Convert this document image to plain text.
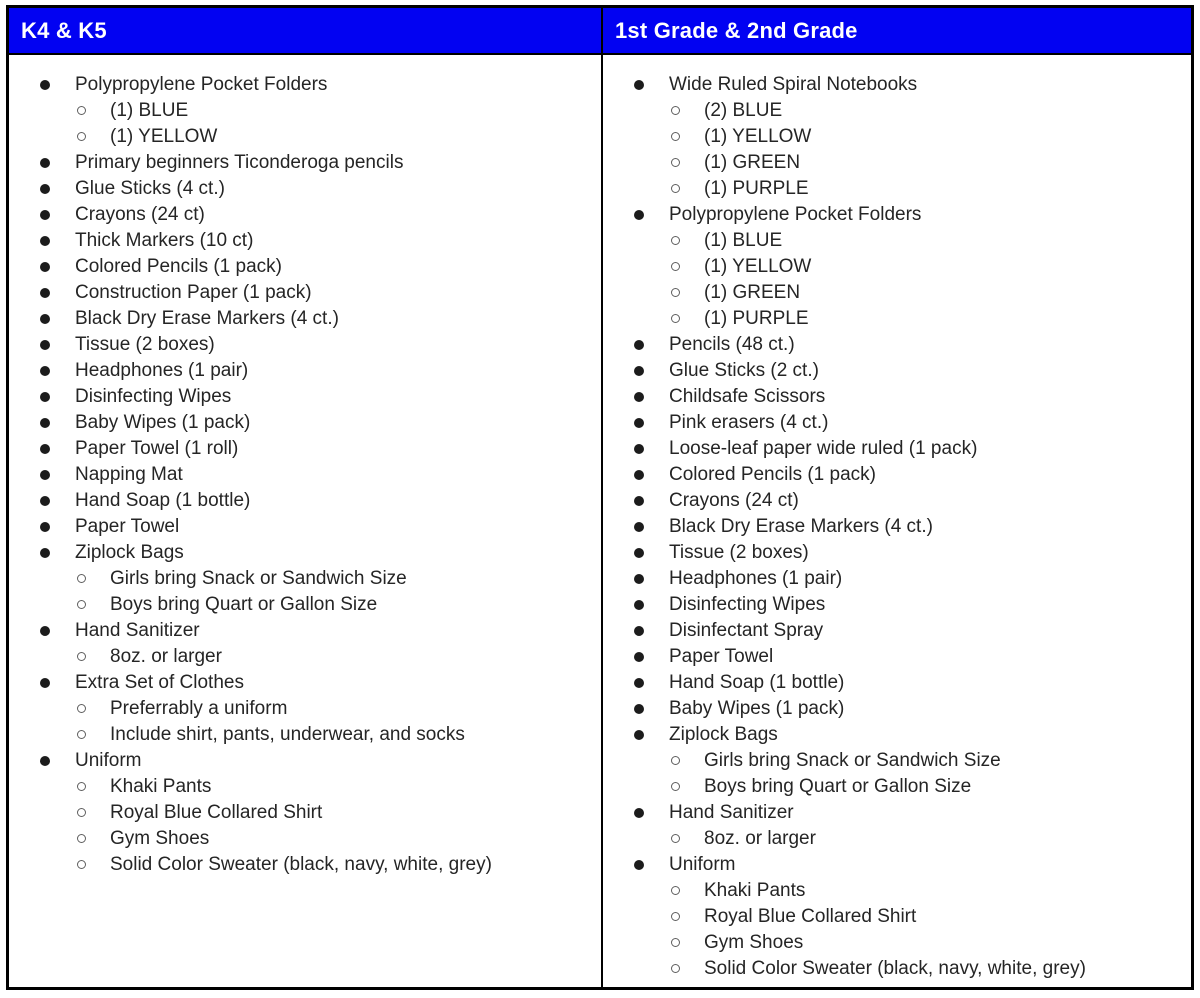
K4 & K5	1st Grade & 2nd Grade
Polypropylene Pocket Folders
(1) BLUE
(1) YELLOW
Primary beginners Ticonderoga pencils
Glue Sticks (4 ct.)
Crayons (24 ct)
Thick Markers (10 ct)
Colored Pencils (1 pack)
Construction Paper (1 pack)
Black Dry Erase Markers (4 ct.)
Tissue (2 boxes)
Headphones (1 pair)
Disinfecting Wipes
Baby Wipes (1 pack)
Paper Towel (1 roll)
Napping Mat
Hand Soap (1 bottle)
Paper Towel
Ziplock Bags
Girls bring Snack or Sandwich Size
Boys bring Quart or Gallon Size
Hand Sanitizer
8oz. or larger
Extra Set of Clothes
Preferrably a uniform
Include shirt, pants, underwear, and socks
Uniform
Khaki Pants
Royal Blue Collared Shirt
Gym Shoes
Solid Color Sweater (black, navy, white, grey)
Wide Ruled Spiral Notebooks
(2) BLUE
(1) YELLOW
(1) GREEN
(1) PURPLE
Polypropylene Pocket Folders
(1) BLUE
(1) YELLOW
(1) GREEN
(1) PURPLE
Pencils (48 ct.)
Glue Sticks (2 ct.)
Childsafe Scissors
Pink erasers (4 ct.)
Loose-leaf paper wide ruled (1 pack)
Colored Pencils (1 pack)
Crayons (24 ct)
Black Dry Erase Markers (4 ct.)
Tissue (2 boxes)
Headphones (1 pair)
Disinfecting Wipes
Disinfectant Spray
Paper Towel
Hand Soap (1 bottle)
Baby Wipes (1 pack)
Ziplock Bags
Girls bring Snack or Sandwich Size
Boys bring Quart or Gallon Size
Hand Sanitizer
8oz. or larger
Uniform
Khaki Pants
Royal Blue Collared Shirt
Gym Shoes
Solid Color Sweater (black, navy, white, grey)
